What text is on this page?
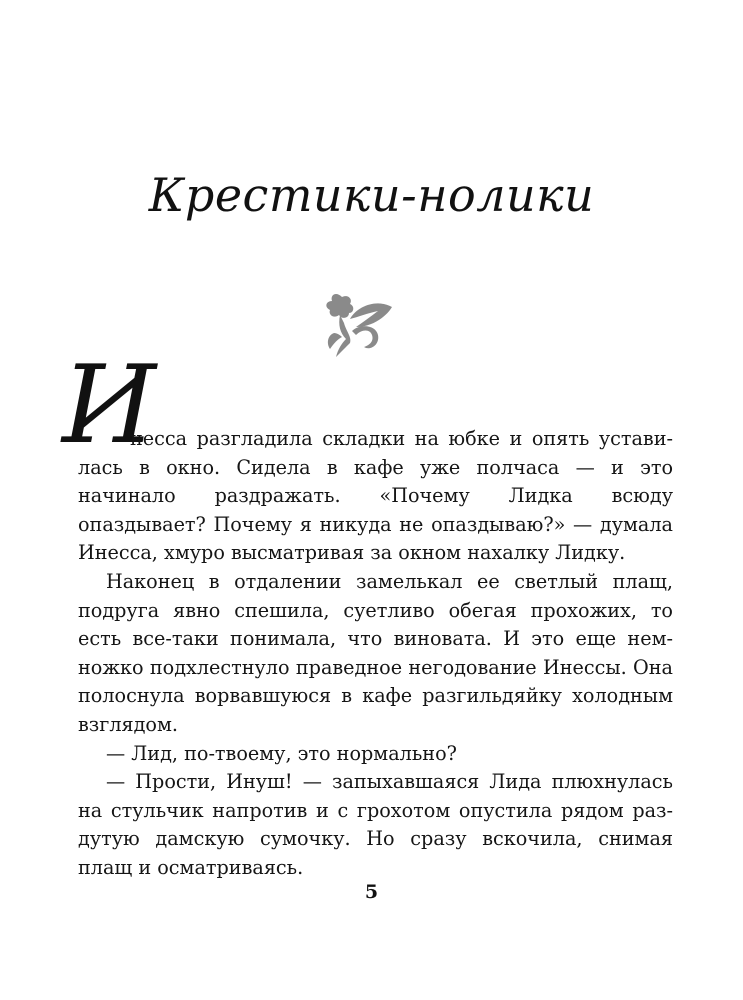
Крестики-нолики
И

несса разгладила складки на юбке и опять уставилась в окно. Сидела в кафе уже полчаса — и это начинало раздражать. «Почему Лидка всюду опаздывает? Почему я никуда не опаздываю?» — думала Инесса, хмуро высматривая за окном нахалку Лидку.

Наконец в отдалении замелькал ее светлый плащ, подруга явно спешила, суетливо обегая прохожих, то есть все-таки понимала, что виновата. И это еще немножко подхлестнуло праведное негодование Инессы. Она полоснула ворвавшуюся в кафе разгильдяйку холодным взглядом.

— Лид, по-твоему, это нормально?

— Прости, Инуш! — запыхавшаяся Лида плюхнулась на стульчик напротив и с грохотом опустила рядом раздутую дамскую сумочку. Но сразу вскочила, снимая плащ и осматриваясь.

5
